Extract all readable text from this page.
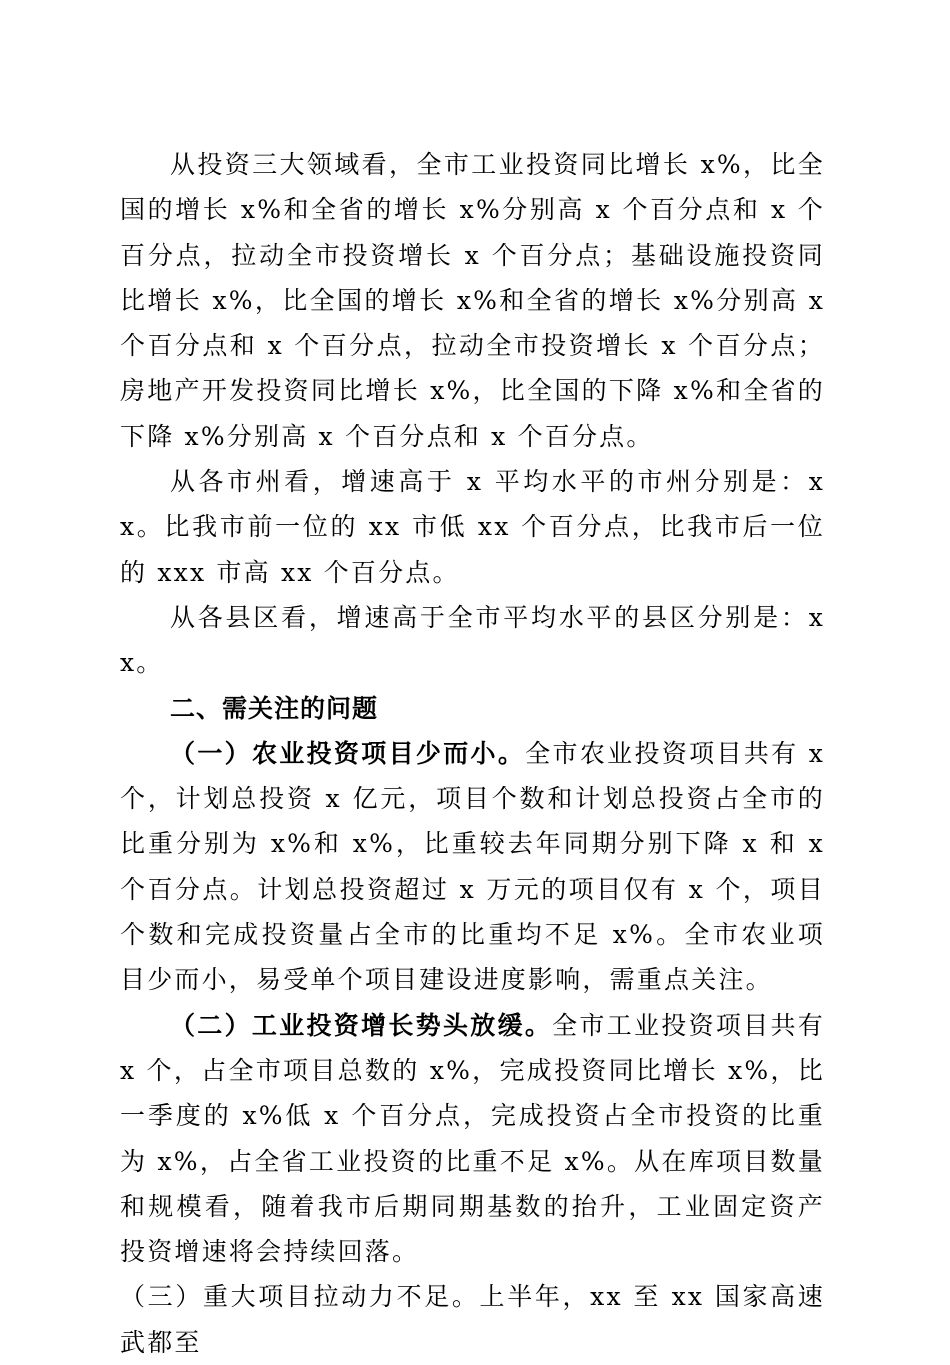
从投资三大领域看，全市工业投资同比增长 x%，比全国的增长 x%和全省的增长 x%分别高 x 个百分点和 x 个百分点，拉动全市投资增长 x 个百分点；基础设施投资同比增长 x%，比全国的增长 x%和全省的增长 x%分别高 x 个百分点和 x 个百分点，拉动全市投资增长 x 个百分点；房地产开发投资同比增长 x%，比全国的下降 x%和全省的下降 x%分别高 x 个百分点和 x 个百分点。

从各市州看，增速高于 x 平均水平的市州分别是：xx。比我市前一位的 xx 市低 xx 个百分点，比我市后一位的 xxx 市高 xx 个百分点。

从各县区看，增速高于全市平均水平的县区分别是：xx。

二、需关注的问题

（一）农业投资项目少而小。全市农业投资项目共有 x 个，计划总投资 x 亿元，项目个数和计划总投资占全市的比重分别为 x%和 x%，比重较去年同期分别下降 x 和 x 个百分点。计划总投资超过 x 万元的项目仅有 x 个，项目个数和完成投资量占全市的比重均不足 x%。全市农业项目少而小，易受单个项目建设进度影响，需重点关注。

（二）工业投资增长势头放缓。全市工业投资项目共有 x 个，占全市项目总数的 x%，完成投资同比增长 x%，比一季度的 x%低 x 个百分点，完成投资占全市投资的比重为 x%，占全省工业投资的比重不足 x%。从在库项目数量和规模看，随着我市后期同期基数的抬升，工业固定资产投资增速将会持续回落。

（三）重大项目拉动力不足。上半年，xx 至 xx 国家高速武都至
